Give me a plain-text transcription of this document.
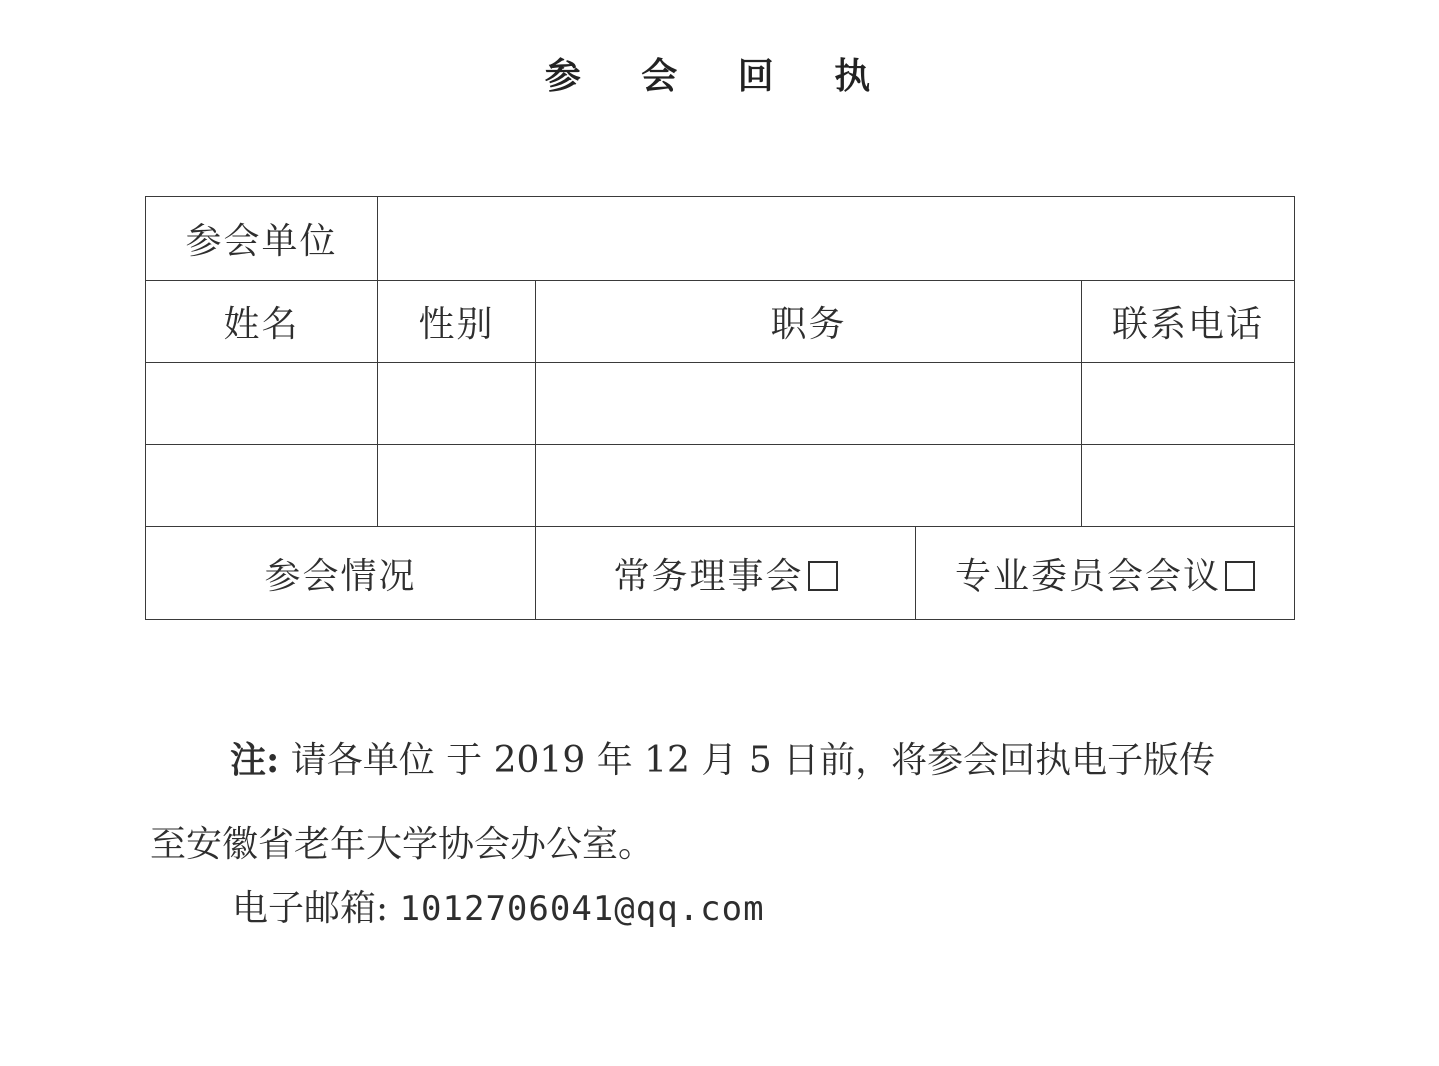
参 会 回 执
参会单位				
姓名	性别	职务		联系电话

参会情况		常务理事会	专业委员会会议	
注: 请各单位 于 2019 年 12 月 5 日前，将参会回执电子版传
至安徽省老年大学协会办公室。
电子邮箱: 1012706041@qq.com
